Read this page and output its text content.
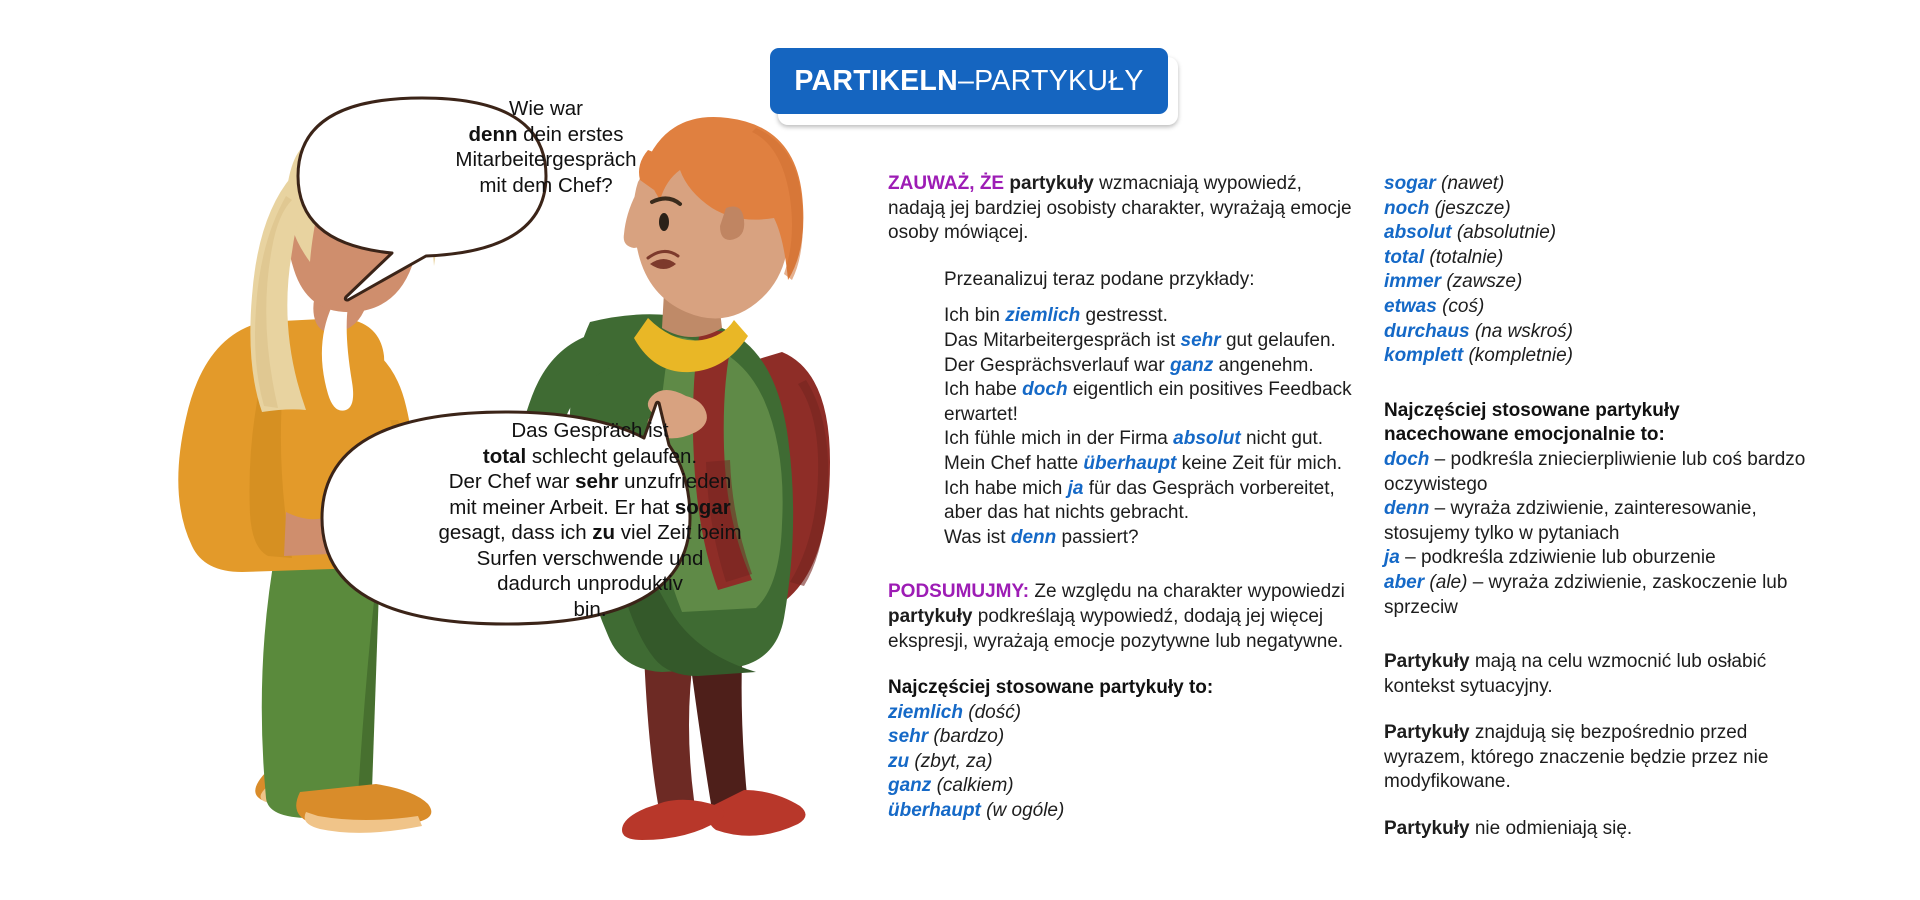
Wie war
denn dein erstes
Mitarbeitergespräch
mit dem Chef?
Das Gespräch ist
total schlecht gelaufen.
Der Chef war sehr unzufrieden
mit meiner Arbeit. Er hat sogar
gesagt, dass ich zu viel Zeit beim
Surfen verschwende und
dadurch unproduktiv
bin.
PARTIKELN – PARTYKUŁY

ZAUWAŻ, ŻE partykuły wzmacniają wypowiedź, nadają jej bardziej osobisty charakter, wyrażają emocje osoby mówiącej.

Przeanalizuj teraz podane przykłady:

Ich bin ziemlich gestresst.
Das Mitarbeitergespräch ist sehr gut gelaufen.
Der Gesprächsverlauf war ganz angenehm.
Ich habe doch eigentlich ein positives Feedback erwartet!
Ich fühle mich in der Firma absolut nicht gut.
Mein Chef hatte überhaupt keine Zeit für mich.
Ich habe mich ja für das Gespräch vorbereitet, aber das hat nichts gebracht.
Was ist denn passiert?

PODSUMUJMY: Ze względu na charakter wypowiedzi partykuły podkreślają wypowiedź, dodają jej więcej ekspresji, wyrażają emocje pozytywne lub negatywne.

Najczęściej stosowane partykuły to:
ziemlich (dość)
sehr (bardzo)
zu (zbyt, za)
ganz (calkiem)
überhaupt (w ogóle)
sogar (nawet)
noch (jeszcze)
absolut (absolutnie)
total (totalnie)
immer (zawsze)
etwas (coś)
durchaus (na wskroś)
komplett (kompletnie)
Najczęściej stosowane partykuły
nacechowane emocjonalnie to:
doch – podkreśla zniecierpliwienie lub coś bardzo oczywistego
denn – wyraża zdziwienie, zainteresowanie, stosujemy tylko w pytaniach
ja – podkreśla zdziwienie lub oburzenie
aber (ale) – wyraża zdziwienie, zaskoczenie lub sprzeciw

Partykuły mają na celu wzmocnić lub osłabić kontekst sytuacyjny.

Partykuły znajdują się bezpośrednio przed wyrazem, którego znaczenie będzie przez nie modyfikowane.

Partykuły nie odmieniają się.
